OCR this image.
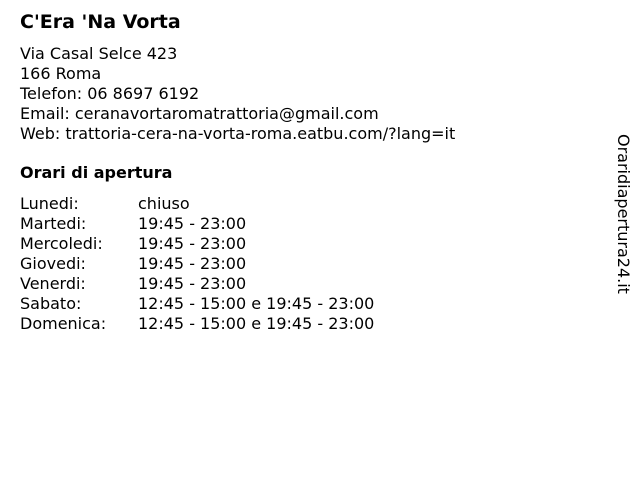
C'Era 'Na Vorta
Via Casal Selce 423
166 Roma
Telefon: 06 8697 6192
Email: ceranavortaromatrattoria@gmail.com
Web: trattoria-cera-na-vorta-roma.eatbu.com/?lang=it
Orari di apertura
Lunedi:	chiuso
Martedi:	19:45 - 23:00
Mercoledi:	19:45 - 23:00
Giovedi:	19:45 - 23:00
Venerdi:	19:45 - 23:00
Sabato:	12:45 - 15:00 e 19:45 - 23:00
Domenica:	12:45 - 15:00 e 19:45 - 23:00
Oraridiapertura24.it
